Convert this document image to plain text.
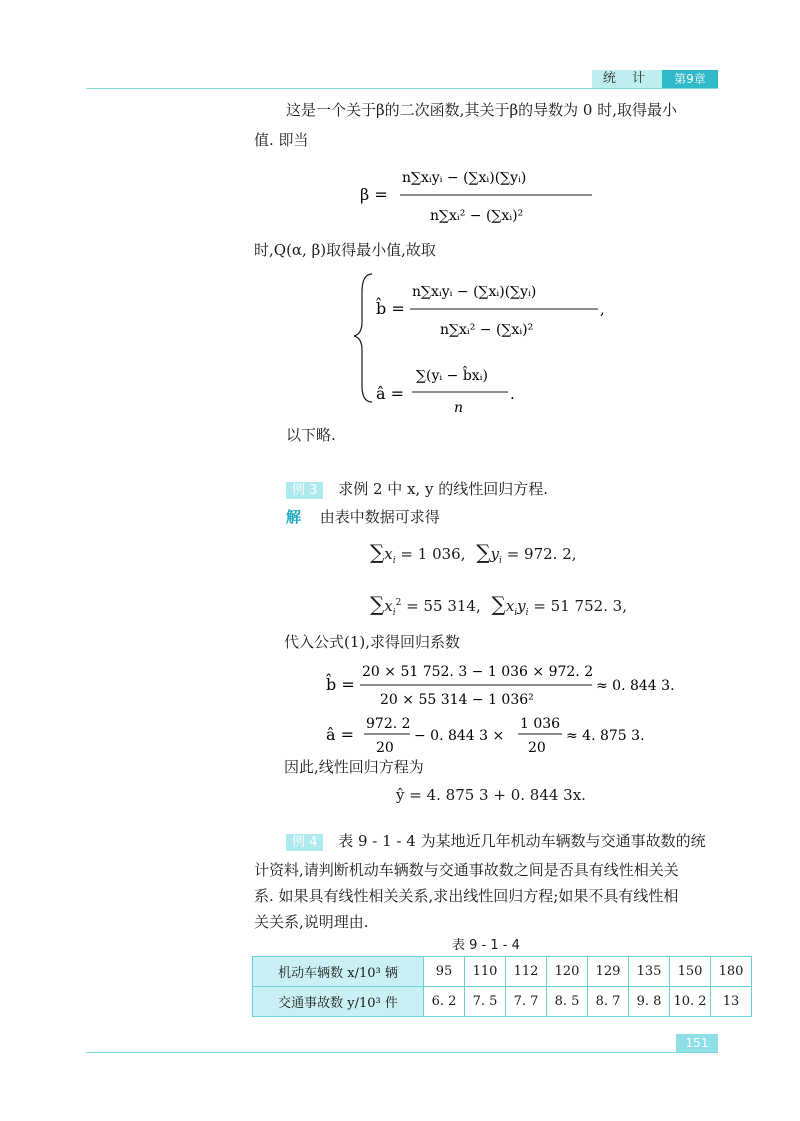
统 计	第9章
这是一个关于β的二次函数,其关于β的导数为 0 时,取得最小
值. 即当
β =
n∑xᵢyᵢ − (∑xᵢ)(∑yᵢ)
n∑xᵢ² − (∑xᵢ)²
时,Q(α, β)取得最小值,故取
b̂ =
n∑xᵢyᵢ − (∑xᵢ)(∑yᵢ)
n∑xᵢ² − (∑xᵢ)²
,
â =
∑(yᵢ − b̂xᵢ)
n
.
以下略.
例 3 求例 2 中 x, y 的线性回归方程.
解 由表中数据可求得
$\sum x_i = 1$ 036, $\sum y_i = 972$. 2,
$\sum x_i^2 = 55$ 314, $\sum x_iy_i = 51$ 752. 3,
代入公式(1),求得回归系数
b̂ =
20 × 51 752. 3 − 1 036 × 972. 2
20 × 55 314 − 1 036²
≈ 0. 844 3.
â =
972. 2
20
− 0. 844 3 ×
1 036
20
≈ 4. 875 3.
因此,线性回归方程为
ŷ = 4. 875 3 + 0. 844 3x.
例 4 表 9 - 1 - 4 为某地近几年机动车辆数与交通事故数的统
计资料,请判断机动车辆数与交通事故数之间是否具有线性相关关
系. 如果具有线性相关关系,求出线性回归方程;如果不具有线性相
关关系,说明理由.
表 9 - 1 - 4
机动车辆数 x/10³ 辆	95	110	112	120	129	135	150	180
交通事故数 y/10³ 件	6. 2	7. 5	7. 7	8. 5	8. 7	9. 8	10. 2	13
151
